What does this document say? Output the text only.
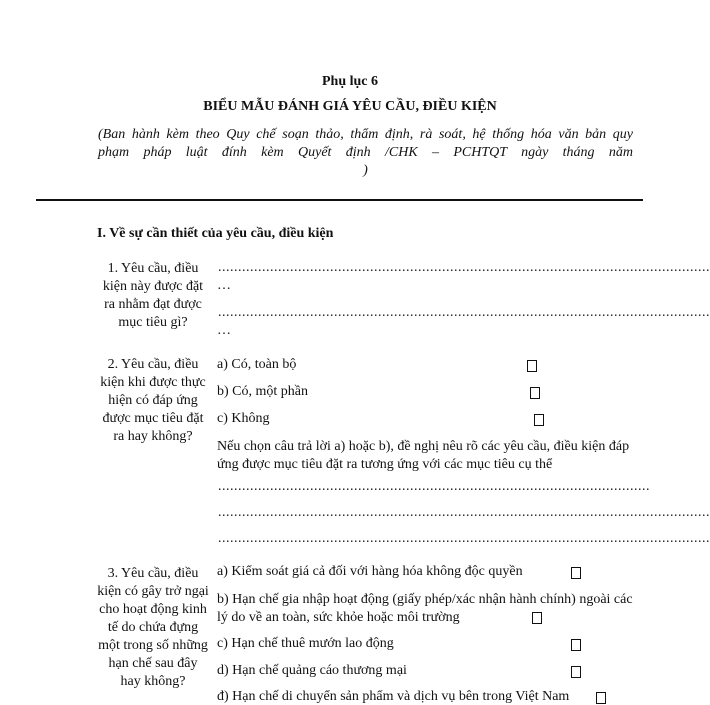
Phụ lục 6
BIỂU MẪU ĐÁNH GIÁ YÊU CẦU, ĐIỀU KIỆN
(Ban hành kèm theo Quy chế soạn thảo, thẩm định, rà soát, hệ thống hóa văn bản quy
phạm pháp luật đính kèm Quyết định /CHK – PCHTQT ngày tháng năm
)
I. Về sự cần thiết của yêu cầu, điều kiện
1. Yêu cầu, điều kiện này được đặt ra nhằm đạt được mục tiêu gì?
...........................................................................................................................
…
...........................................................................................................................
…
2. Yêu cầu, điều kiện khi được thực hiện có đáp ứng được mục tiêu đặt ra hay không?
a) Có, toàn bộ
b) Có, một phần
c) Không
Nếu chọn câu trả lời a) hoặc b), đề nghị nêu rõ các yêu cầu, điều kiện đáp ứng được mục tiêu đặt ra tương ứng với các mục tiêu cụ thể
............................................................................................................
...........................................................................................................................
...........................................................................................................................
3. Yêu cầu, điều kiện có gây trở ngại cho hoạt động kinh tế do chứa đựng một trong số những hạn chế sau đây hay không?
a) Kiểm soát giá cả đối với hàng hóa không độc quyền
b) Hạn chế gia nhập hoạt động (giấy phép/xác nhận hành chính) ngoài các lý do về an toàn, sức khỏe hoặc môi trường
c) Hạn chế thuê mướn lao động
d) Hạn chế quảng cáo thương mại
đ) Hạn chế di chuyển sản phẩm và dịch vụ bên trong Việt Nam
